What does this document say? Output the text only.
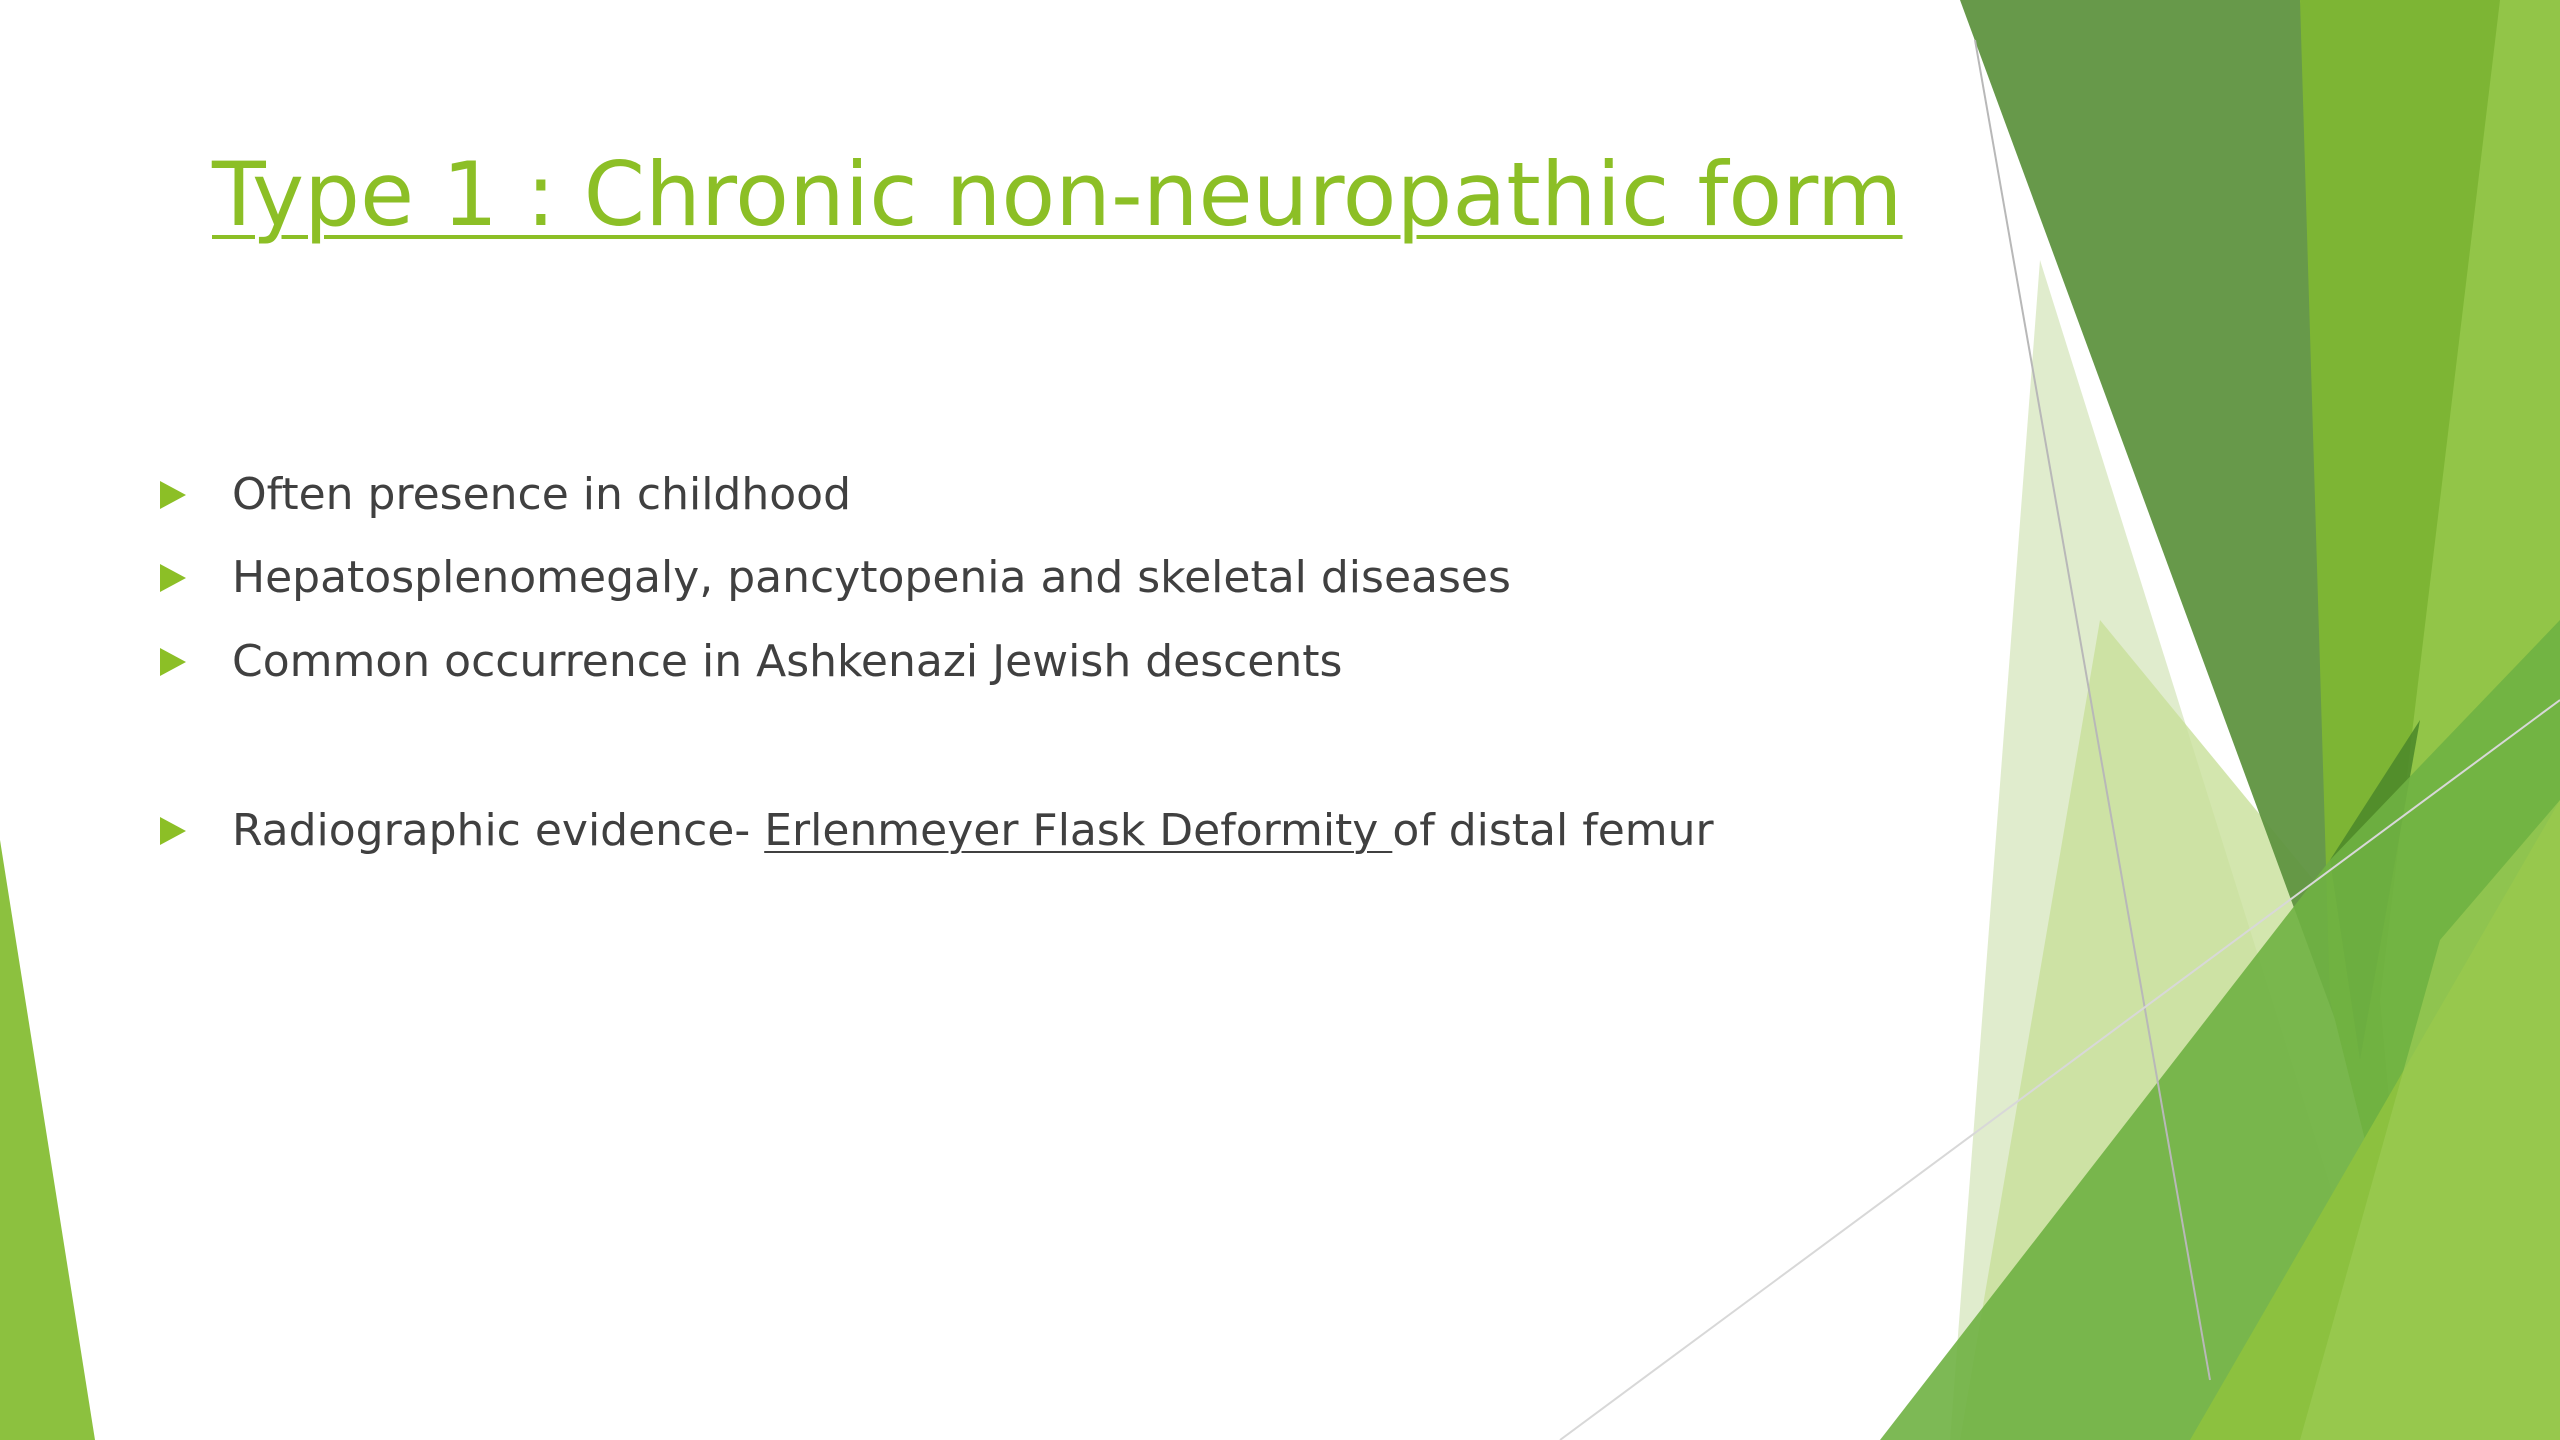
Type 1 : Chronic non-neuropathic form
Often presence in childhood
Hepatosplenomegaly, pancytopenia and skeletal diseases
Common occurrence in Ashkenazi Jewish descents
Radiographic evidence- Erlenmeyer Flask Deformity of distal femur
